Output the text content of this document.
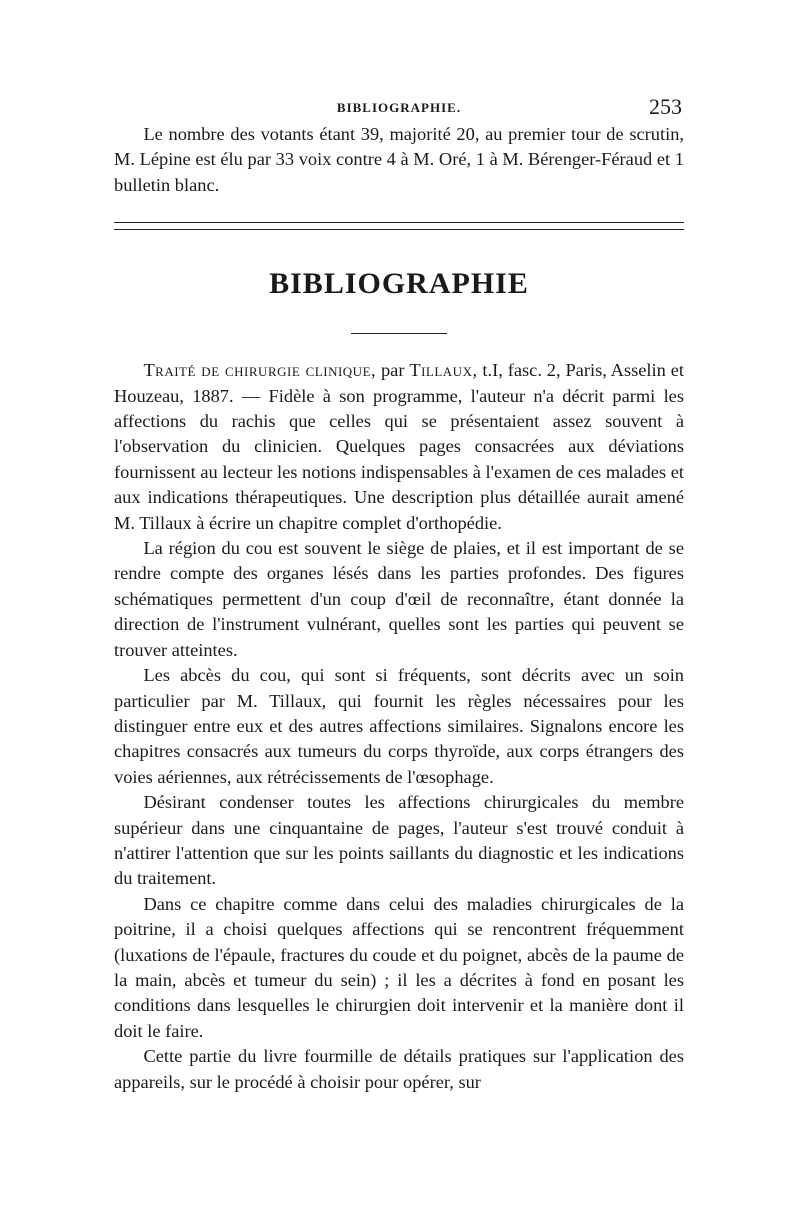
BIBLIOGRAPHIE.	253

Le nombre des votants étant 39, majorité 20, au premier tour de scrutin, M. Lépine est élu par 33 voix contre 4 à M. Oré, 1 à M. Bérenger-Féraud et 1 bulletin blanc.

BIBLIOGRAPHIE

Traité de chirurgie clinique, par Tillaux, t.I, fasc. 2, Paris, Asselin et Houzeau, 1887. — Fidèle à son programme, l'auteur n'a décrit parmi les affections du rachis que celles qui se présentaient assez souvent à l'observation du clinicien. Quelques pages consacrées aux déviations fournissent au lecteur les notions indispensables à l'examen de ces malades et aux indications thérapeutiques. Une description plus détaillée aurait amené M. Tillaux à écrire un chapitre complet d'orthopédie.

La région du cou est souvent le siège de plaies, et il est important de se rendre compte des organes lésés dans les parties profondes. Des figures schématiques permettent d'un coup d'œil de reconnaître, étant donnée la direction de l'instrument vulnérant, quelles sont les parties qui peuvent se trouver atteintes.

Les abcès du cou, qui sont si fréquents, sont décrits avec un soin particulier par M. Tillaux, qui fournit les règles nécessaires pour les distinguer entre eux et des autres affections similaires. Signalons encore les chapitres consacrés aux tumeurs du corps thyroïde, aux corps étrangers des voies aériennes, aux rétrécissements de l'œsophage.

Désirant condenser toutes les affections chirurgicales du membre supérieur dans une cinquantaine de pages, l'auteur s'est trouvé conduit à n'attirer l'attention que sur les points saillants du diagnostic et les indications du traitement.

Dans ce chapitre comme dans celui des maladies chirurgicales de la poitrine, il a choisi quelques affections qui se rencontrent fréquemment (luxations de l'épaule, fractures du coude et du poignet, abcès de la paume de la main, abcès et tumeur du sein) ; il les a décrites à fond en posant les conditions dans lesquelles le chirurgien doit intervenir et la manière dont il doit le faire.

Cette partie du livre fourmille de détails pratiques sur l'application des appareils, sur le procédé à choisir pour opérer, sur
